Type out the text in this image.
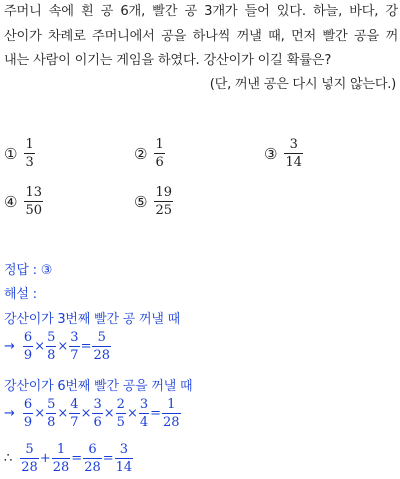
주머니 속에 흰 공 6개, 빨간 공 3개가 들어 있다. 하늘, 바다, 강
산이가 차례로 주머니에서 공을 하나씩 꺼낼 때, 먼저 빨간 공을 꺼
내는 사람이 이기는 게임을 하였다. 강산이가 이길 확률은?
(단, 꺼낸 공은 다시 넣지 않는다.)
① $\frac{1}{3}$	② $\frac{1}{6}$	③ $\frac{3}{14}$
④ $\frac{13}{50}$	⑤ $\frac{19}{25}$
정답 : ③
해설 :
강산이가 3번째 빨간 공 꺼낼 때
→ $\frac{6}{9} \times \frac{5}{8} \times \frac{3}{7} = \frac{5}{28}$
강산이가 6번째 빨간 공을 꺼낼 때
→ $\frac{6}{9} \times \frac{5}{8} \times \frac{4}{7} \times \frac{3}{6} \times \frac{2}{5} \times \frac{3}{4} = \frac{1}{28}$
∴ $\frac{5}{28} + \frac{1}{28} = \frac{6}{28} = \frac{3}{14}$
